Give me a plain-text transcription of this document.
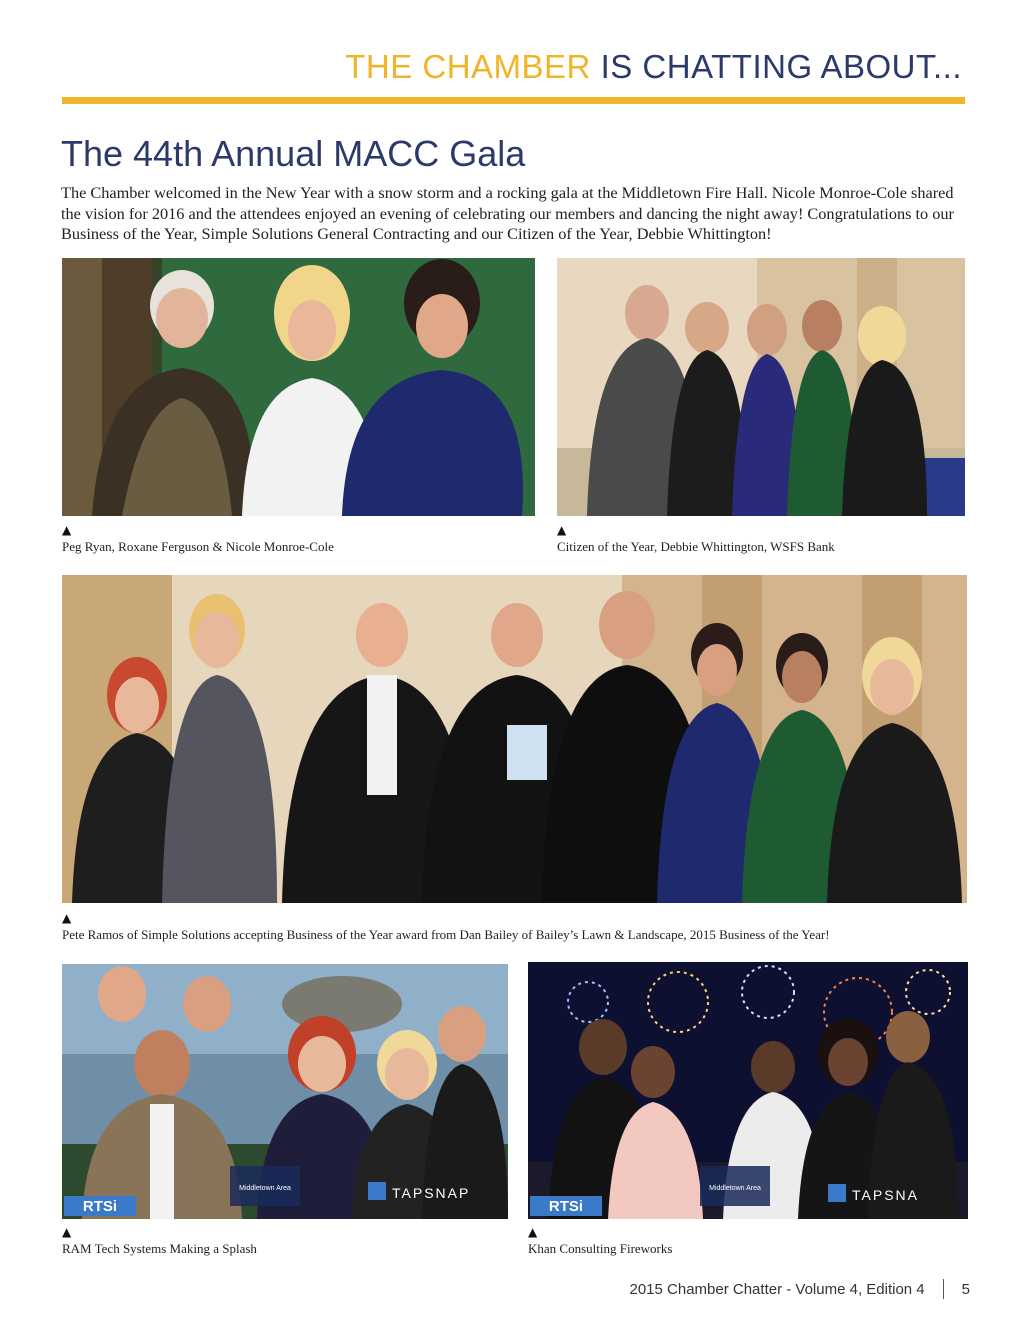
THE CHAMBER IS CHATTING ABOUT...
The 44th Annual MACC Gala

The Chamber welcomed in the New Year with a snow storm and a rocking gala at the Middletown Fire Hall. Nicole Monroe-Cole shared the vision for 2016 and the attendees enjoyed an evening of celebrating our members and dancing the night away! Congratulations to our Business of the Year, Simple Solutions General Contracting and our Citizen of the Year, Debbie Whittington!

▲
Peg Ryan, Roxane Ferguson & Nicole Monroe-Cole
▲
Citizen of the Year, Debbie Whittington, WSFS Bank
▲
Pete Ramos of Simple Solutions accepting Business of the Year award from Dan Bailey of Bailey’s Lawn & Landscape, 2015 Business of the Year!
RTSi
Middletown Area	TAPSNAP
▲
RAM Tech Systems Making a Splash
RTSi
Middletown Area	TAPSNA
▲
Khan Consulting Fireworks
2015 Chamber Chatter - Volume 4, Edition 4 5
